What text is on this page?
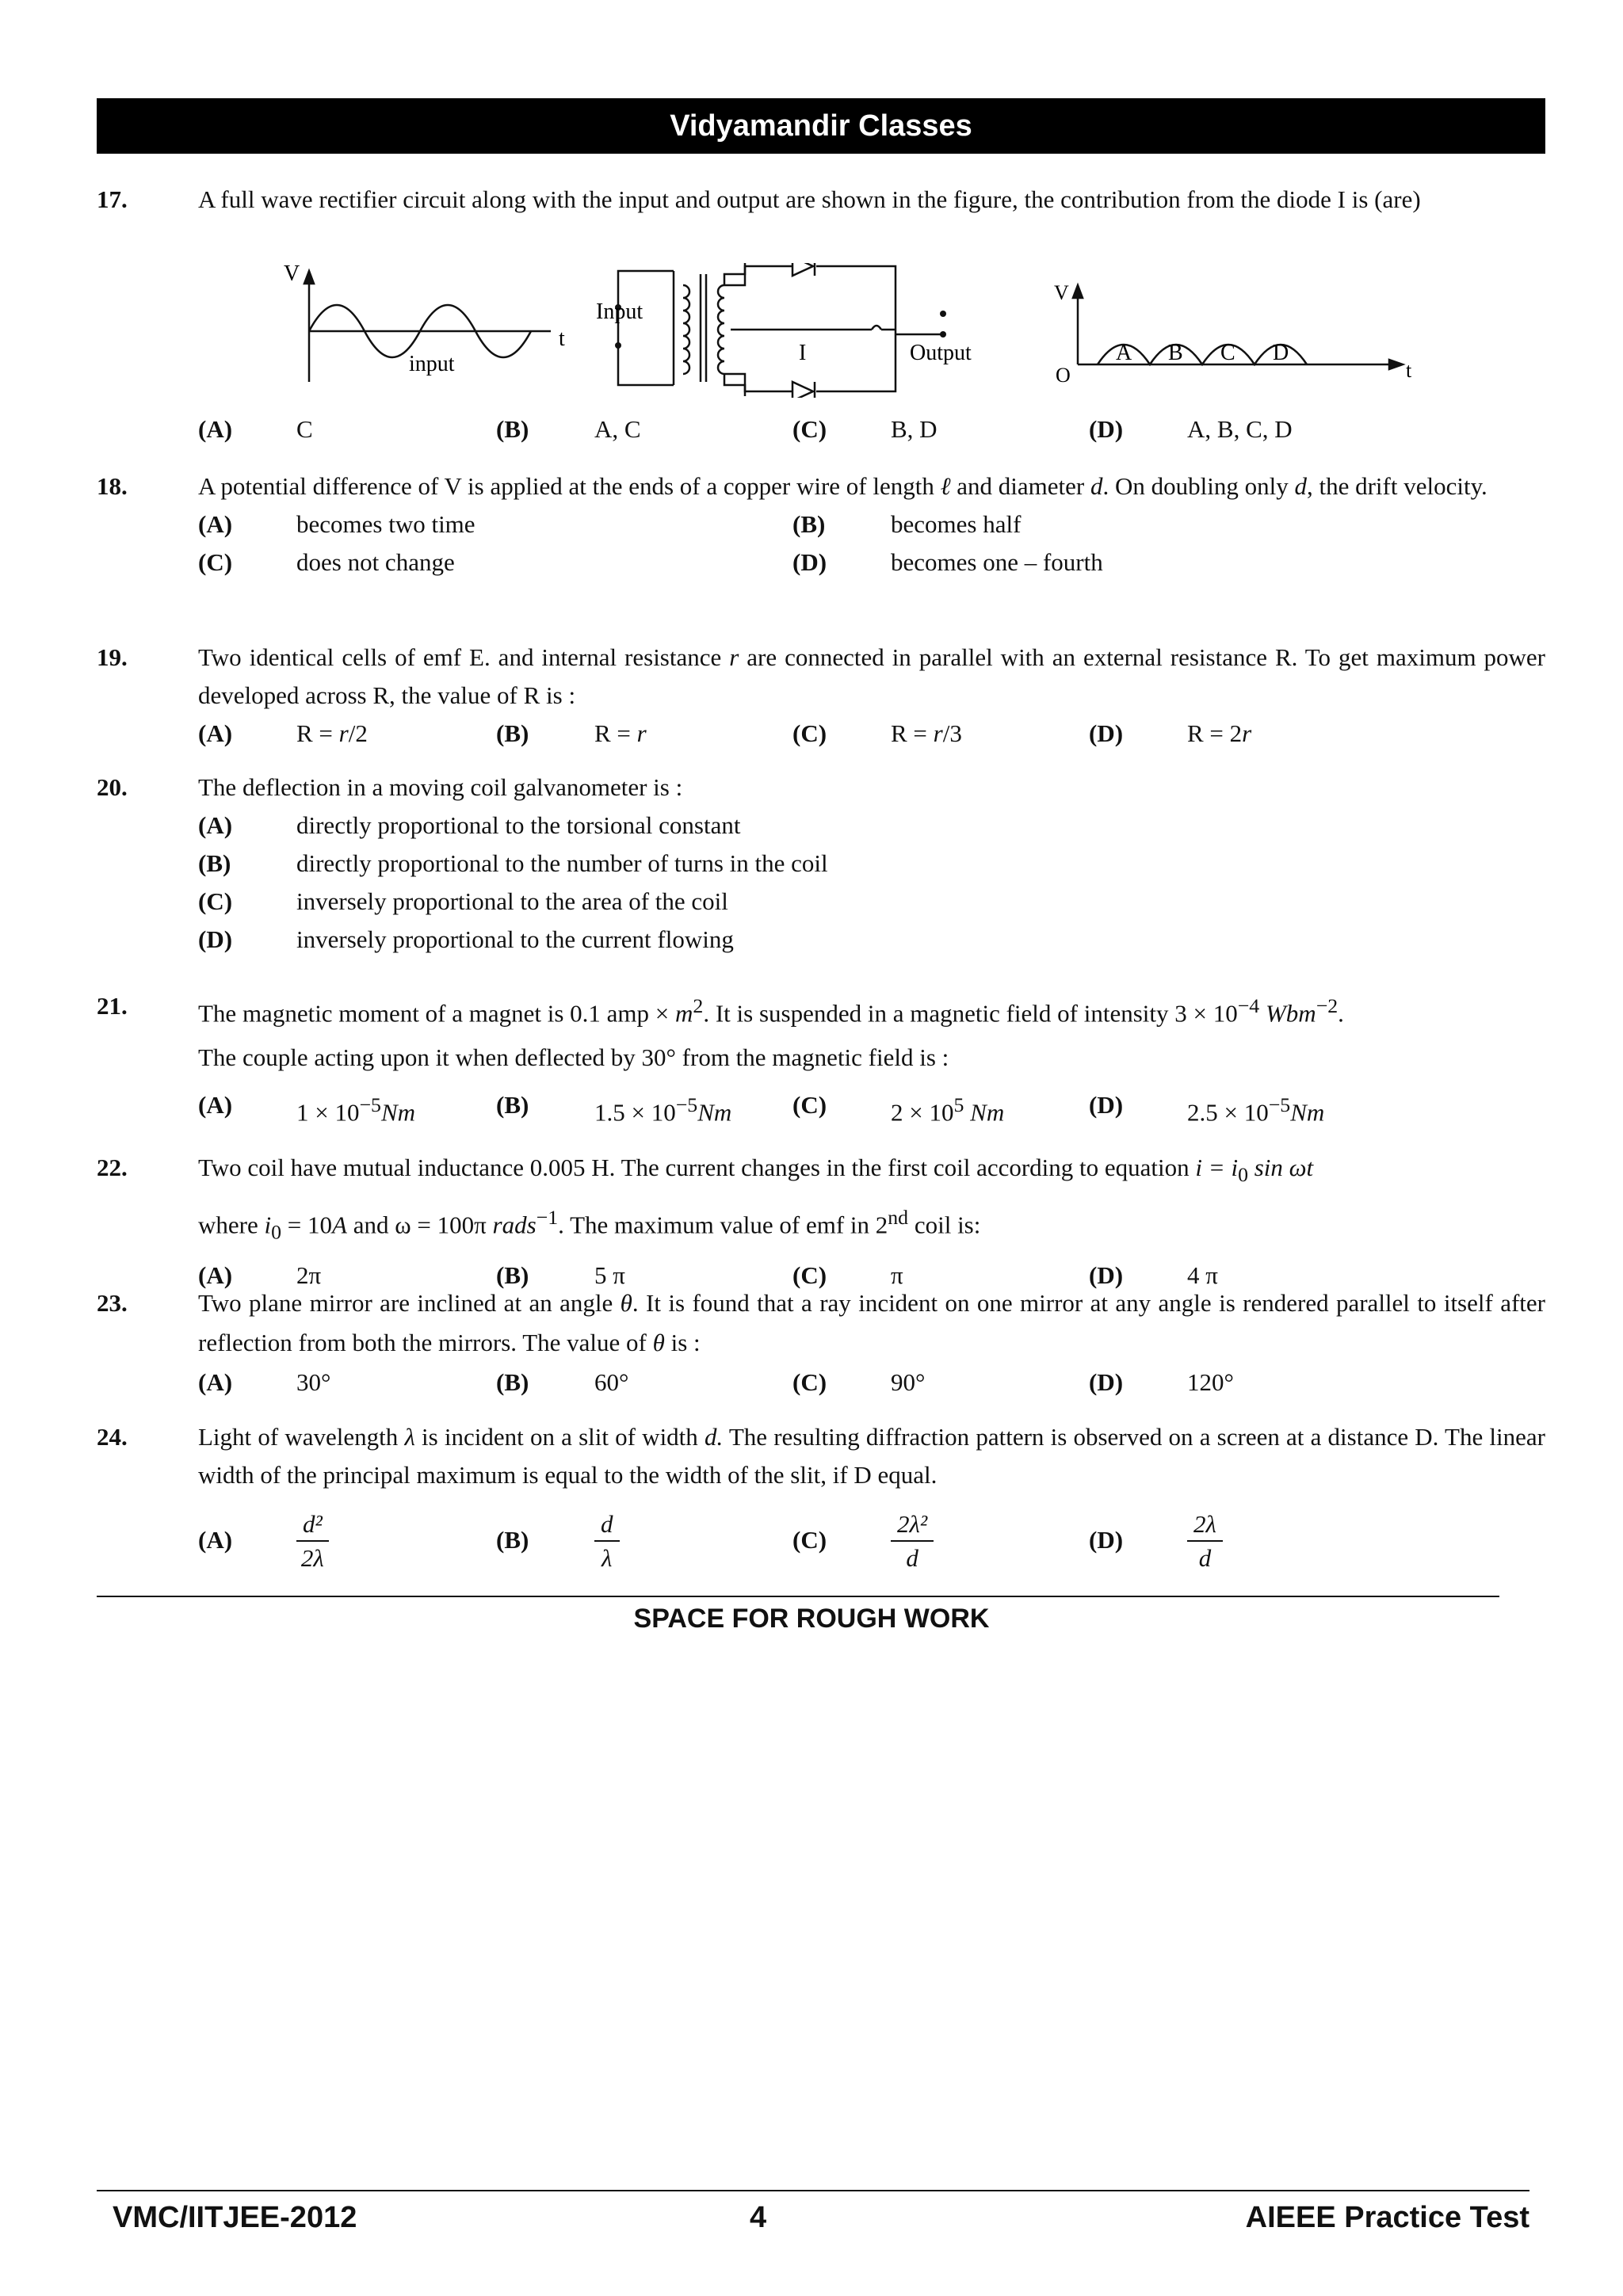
Vidyamandir Classes
17.	A full wave rectifier circuit along with the input and output are shown in the figure, the contribution from the diode I is (are)
V
t
input
Input
I	Output
V
O	t
A B C D
(A)	C	(B)	A, C	(C)	B, D	(D)	A, B, C, D
18.	A potential difference of V is applied at the ends of a copper wire of length ℓ and diameter d. On doubling only d, the drift velocity.
(A)	becomes two time	(B)	becomes half
(C)	does not change	(D)	becomes one – fourth
19.	Two identical cells of emf E. and internal resistance r are connected in parallel with an external resistance R. To get maximum power developed across R, the value of R is :
(A)	R = r/2	(B)	R = r	(C)	R = r/3	(D)	R = 2r
20.	The deflection in a moving coil galvanometer is :
(A)	directly proportional to the torsional constant
(B)	directly proportional to the number of turns in the coil
(C)	inversely proportional to the area of the coil
(D)	inversely proportional to the current flowing
21.	The magnetic moment of a magnet is 0.1 amp × $m^2$. It is suspended in a magnetic field of intensity $3 \times 10^{-4}$ Wbm$^{-2}$.
The couple acting upon it when deflected by 30° from the magnetic field is :
(A)	$1 \times 10^{-5}Nm$	(B)	$1.5 \times 10^{-5}Nm$ (C)	$2 \times 10^5$ Nm	(D)	$2.5 \times 10^{-5}Nm$
22.	Two coil have mutual inductance 0.005 H. The current changes in the first coil according to equation $i = i_0$ sin ωt
where $i_0 = 10A$ and ω = 100π rads$^{-1}$. The maximum value of emf in 2nd coil is:
(A)	2π	(B)	5 π	(C)	π	(D)	4 π
23.	Two plane mirror are inclined at an angle θ. It is found that a ray incident on one mirror at any angle is rendered parallel to itself after reflection from both the mirrors. The value of θ is :
(A)	30°	(B)	60°	(C)	90°	(D)	120°
24.	Light of wavelength λ is incident on a slit of width d. The resulting diffraction pattern is observed on a screen at a distance D. The linear width of the principal maximum is equal to the width of the slit, if D equal.
(A)	$\frac{\text{d²}}{2\lambda}$	(B)	$\frac{d}{\lambda}$	(C)	$\frac{\text{2λ²}}{d}$	(D)	$\frac{2\lambda}{d}$
SPACE FOR ROUGH WORK
VMC/IITJEE-2012	4	AIEEE Practice Test
